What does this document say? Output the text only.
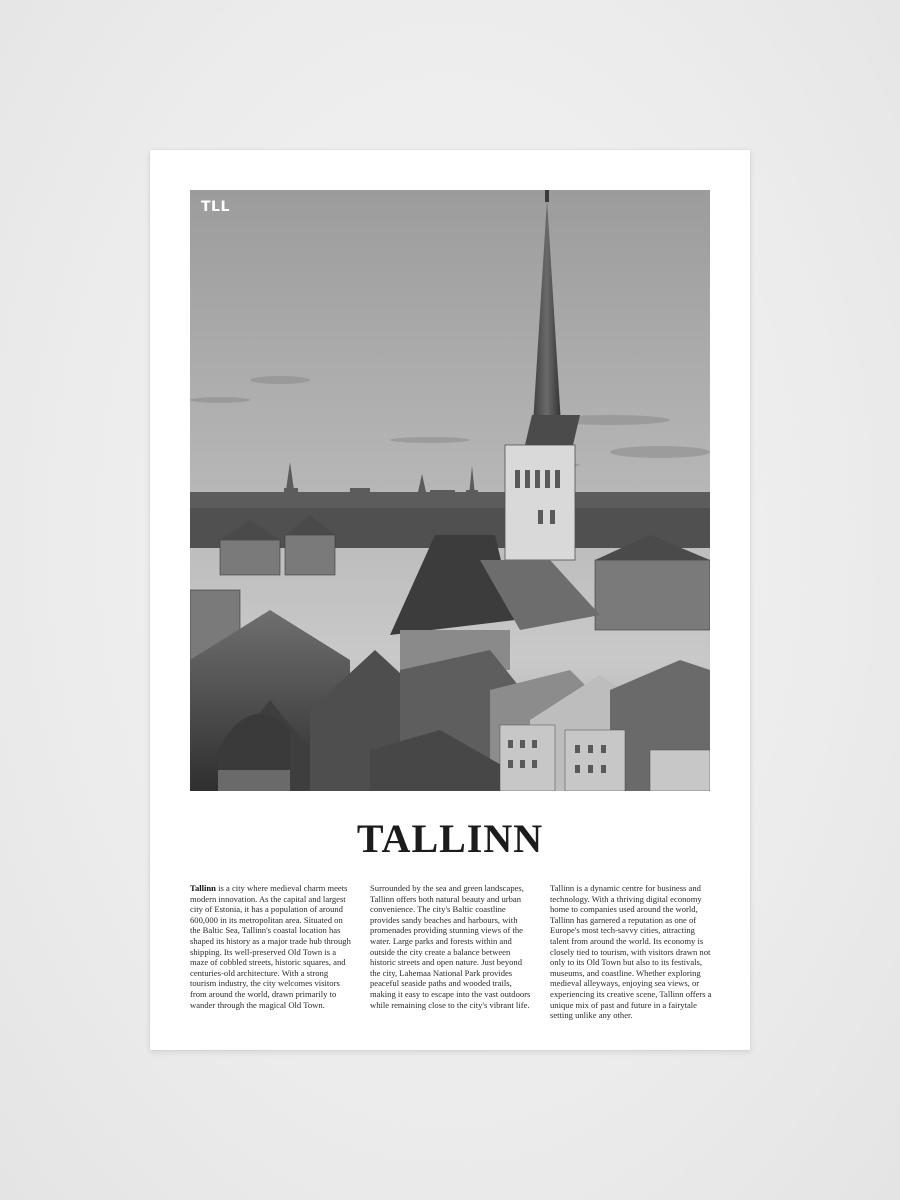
TLL
TALLINN
Tallinn is a city where medieval charm meets modern innovation. As the capital and largest city of Estonia, it has a population of around 600,000 in its metropolitan area. Situated on the Baltic Sea, Tallinn's coastal location has shaped its history as a major trade hub through shipping. Its well-preserved Old Town is a maze of cobbled streets, historic squares, and centuries-old architecture. With a strong tourism industry, the city welcomes visitors from around the world, drawn primarily to wander through the magical Old Town.
Surrounded by the sea and green landscapes, Tallinn offers both natural beauty and urban convenience. The city's Baltic coastline provides sandy beaches and harbours, with promenades providing stunning views of the water. Large parks and forests within and outside the city create a balance between historic streets and open nature. Just beyond the city, Lahemaa National Park provides peaceful seaside paths and wooded trails, making it easy to escape into the vast outdoors while remaining close to the city's vibrant life.
Tallinn is a dynamic centre for business and technology. With a thriving digital economy home to companies used around the world, Tallinn has garnered a reputation as one of Europe's most tech-savvy cities, attracting talent from around the world. Its economy is closely tied to tourism, with visitors drawn not only to its Old Town but also to its festivals, museums, and coastline. Whether exploring medieval alleyways, enjoying sea views, or experiencing its creative scene, Tallinn offers a unique mix of past and future in a fairytale setting unlike any other.
